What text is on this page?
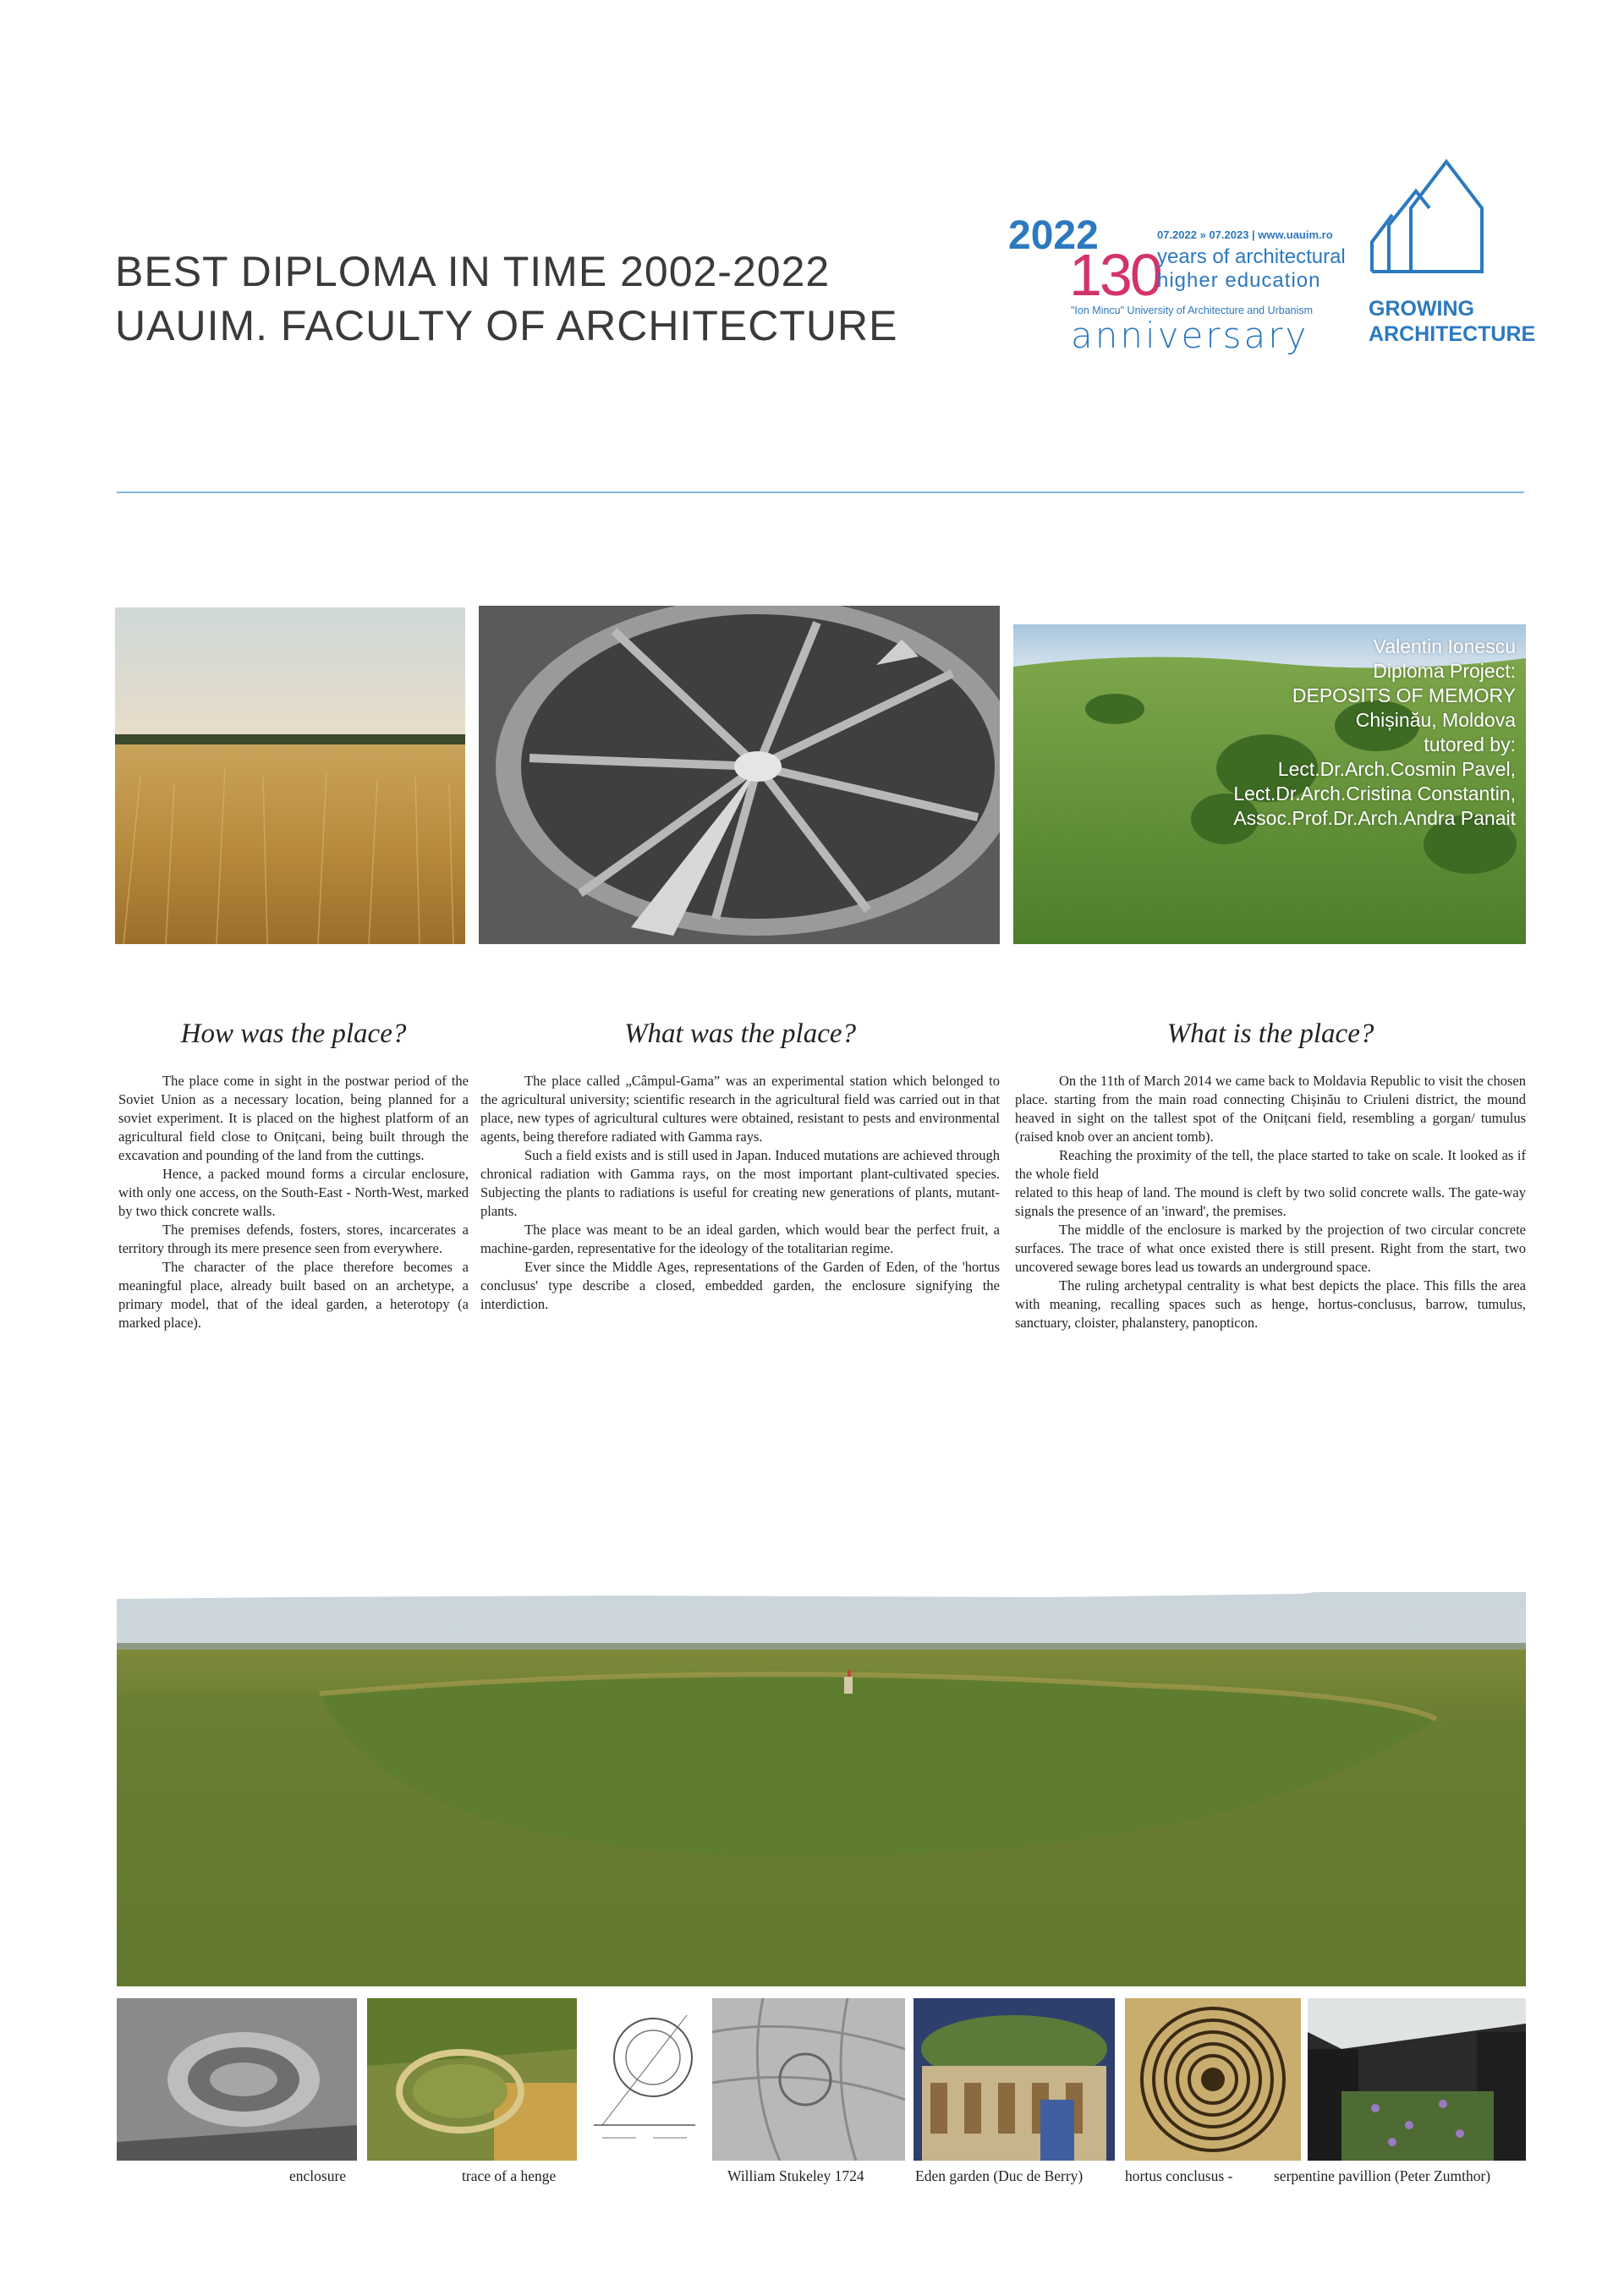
BEST DIPLOMA IN TIME 2002-2022
UAUIM. FACULTY OF ARCHITECTURE
2022	07.2022 » 07.2023 | www.uauim.ro
130
years of architectural
higher education
"Ion Mincu" University of Architecture and Urbanism
anniversary
GROWING
ARCHITECTURE
Valentin Ionescu
Diploma Project:
DEPOSITS OF MEMORY
Chișinău, Moldova
tutored by:
Lect.Dr.Arch.Cosmin Pavel,
Lect.Dr.Arch.Cristina Constantin,
Assoc.Prof.Dr.Arch.Andra Panait
How was the place?

The place come in sight in the postwar period of the Soviet Union as a necessary location, being planned for a soviet experiment. It is placed on the highest platform of an agricultural field close to Onițcani, being built through the excavation and pounding of the land from the cuttings.

Hence, a packed mound forms a circular enclosure, with only one access, on the South-East - North-West, marked by two thick concrete walls.

The premises defends, fosters, stores, incarcerates a territory through its mere presence seen from everywhere.

The character of the place therefore becomes a meaningful place, already built based on an archetype, a primary model, that of the ideal garden, a heterotopy (a marked place).

What was the place?

The place called „Câmpul-Gama” was an experimental station which belonged to the agricultural university; scientific research in the agricultural field was carried out in that place, new types of agricultural cultures were obtained, resistant to pests and environmental agents, being therefore radiated with Gamma rays.

Such a field exists and is still used in Japan. Induced mutations are achieved through chronical radiation with Gamma rays, on the most important plant-cultivated species. Subjecting the plants to radiations is useful for creating new generations of plants, mutant-plants.

The place was meant to be an ideal garden, which would bear the perfect fruit, a machine-garden, representative for the ideology of the totalitarian regime.

Ever since the Middle Ages, representations of the Garden of Eden, of the 'hortus conclusus' type describe a closed, embedded garden, the enclosure signifying the interdiction.

What is the place?

On the 11th of March 2014 we came back to Moldavia Republic to visit the chosen place. starting from the main road connecting Chișinău to Criuleni district, the mound heaved in sight on the tallest spot of the Onițcani field, resembling a gorgan/ tumulus (raised knob over an ancient tomb).

Reaching the proximity of the tell, the place started to take on scale. It looked as if the whole field

related to this heap of land. The mound is cleft by two solid concrete walls. The gate-way signals the presence of an 'inward', the premises.

The middle of the enclosure is marked by the projection of two circular concrete surfaces. The trace of what once existed there is still present. Right from the start, two uncovered sewage bores lead us towards an underground space.

The ruling archetypal centrality is what best depicts the place. This fills the area with meaning, recalling spaces such as henge, hortus-conclusus, barrow, tumulus, sanctuary, cloister, phalanstery, panopticon.

enclosure	trace of a henge	William Stukeley 1724	Eden garden (Duc de Berry)	hortus conclusus -	serpentine pavillion (Peter Zumthor)
